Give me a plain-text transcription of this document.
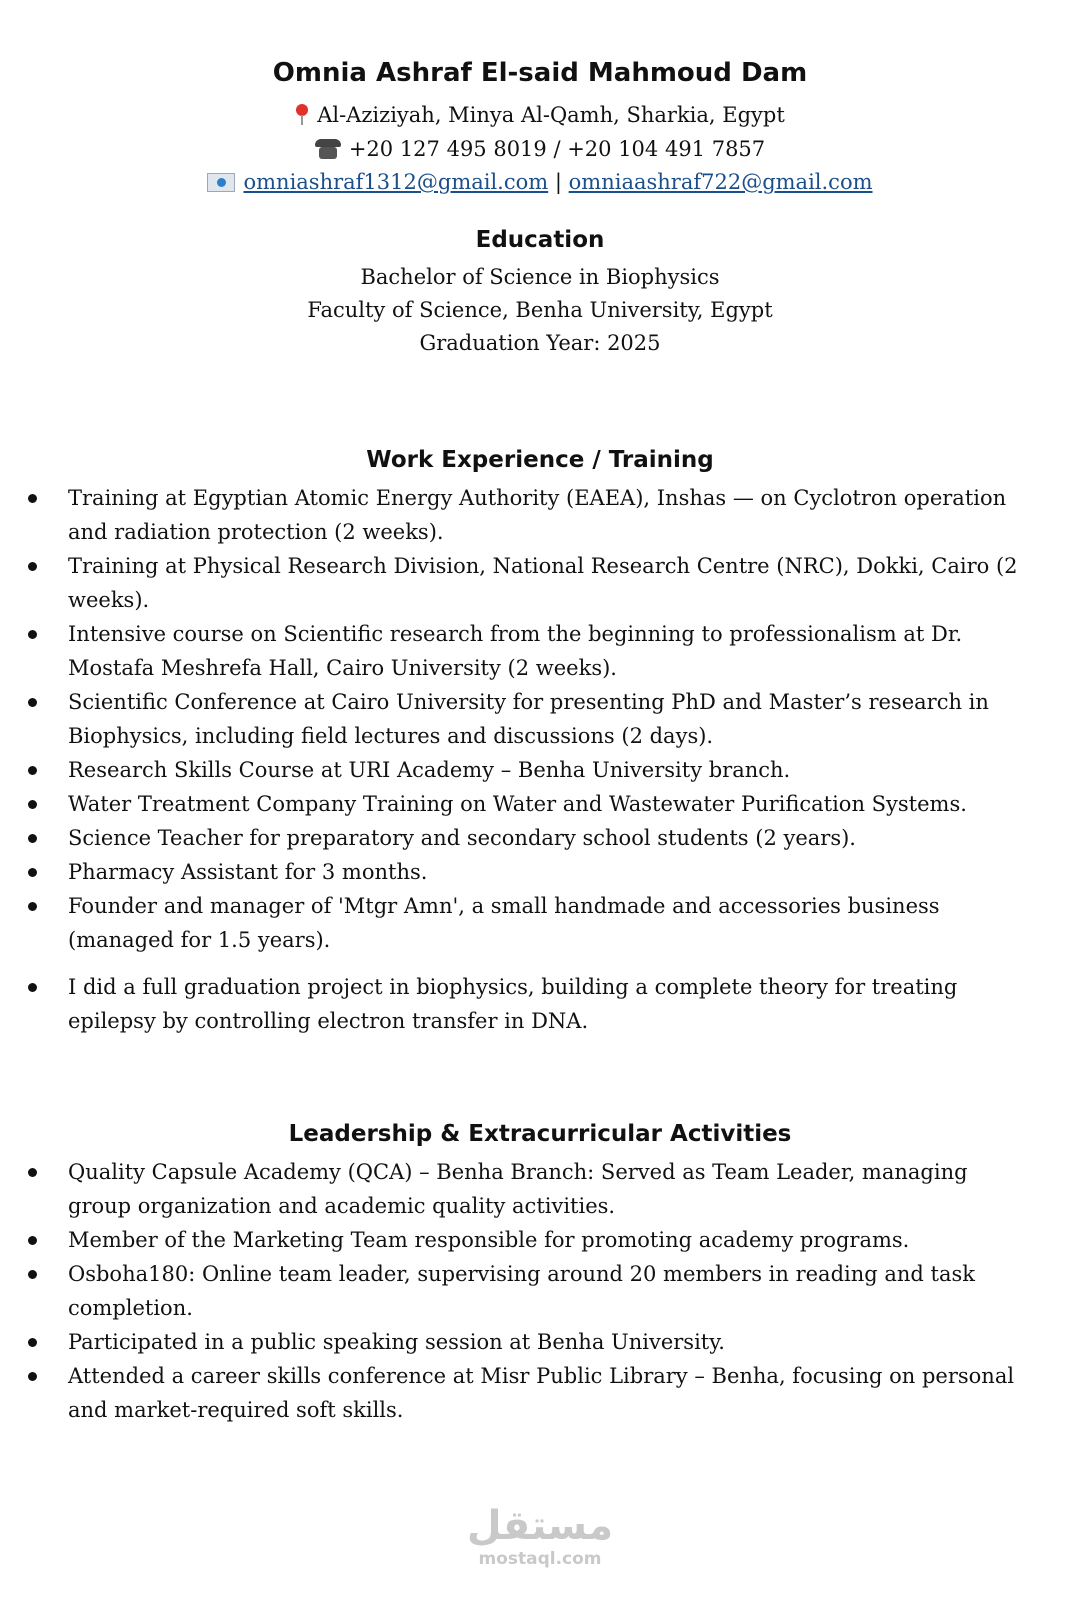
Omnia Ashraf El-said Mahmoud Dam
Al-Aziziyah, Minya Al-Qamh, Sharkia, Egypt
+20 127 495 8019 / +20 104 491 7857
omniashraf1312@gmail.com | omniaashraf722@gmail.com
Education
Bachelor of Science in Biophysics
Faculty of Science, Benha University, Egypt
Graduation Year: 2025
Work Experience / Training
Training at Egyptian Atomic Energy Authority (EAEA), Inshas — on Cyclotron operation and radiation protection (2 weeks).
Training at Physical Research Division, National Research Centre (NRC), Dokki, Cairo (2 weeks).
Intensive course on Scientific research from the beginning to professionalism at Dr. Mostafa Meshrefa Hall, Cairo University (2 weeks).
Scientific Conference at Cairo University for presenting PhD and Master’s research in Biophysics, including field lectures and discussions (2 days).
Research Skills Course at URI Academy – Benha University branch.
Water Treatment Company Training on Water and Wastewater Purification Systems.
Science Teacher for preparatory and secondary school students (2 years).
Pharmacy Assistant for 3 months.
Founder and manager of 'Mtgr Amn', a small handmade and accessories business (managed for 1.5 years).
I did a full graduation project in biophysics, building a complete theory for treating epilepsy by controlling electron transfer in DNA.
Leadership & Extracurricular Activities
Quality Capsule Academy (QCA) – Benha Branch: Served as Team Leader, managing group organization and academic quality activities.
Member of the Marketing Team responsible for promoting academy programs.
Osboha180: Online team leader, supervising around 20 members in reading and task completion.
Participated in a public speaking session at Benha University.
Attended a career skills conference at Misr Public Library – Benha, focusing on personal and market-required soft skills.
مستقل
mostaql.com
